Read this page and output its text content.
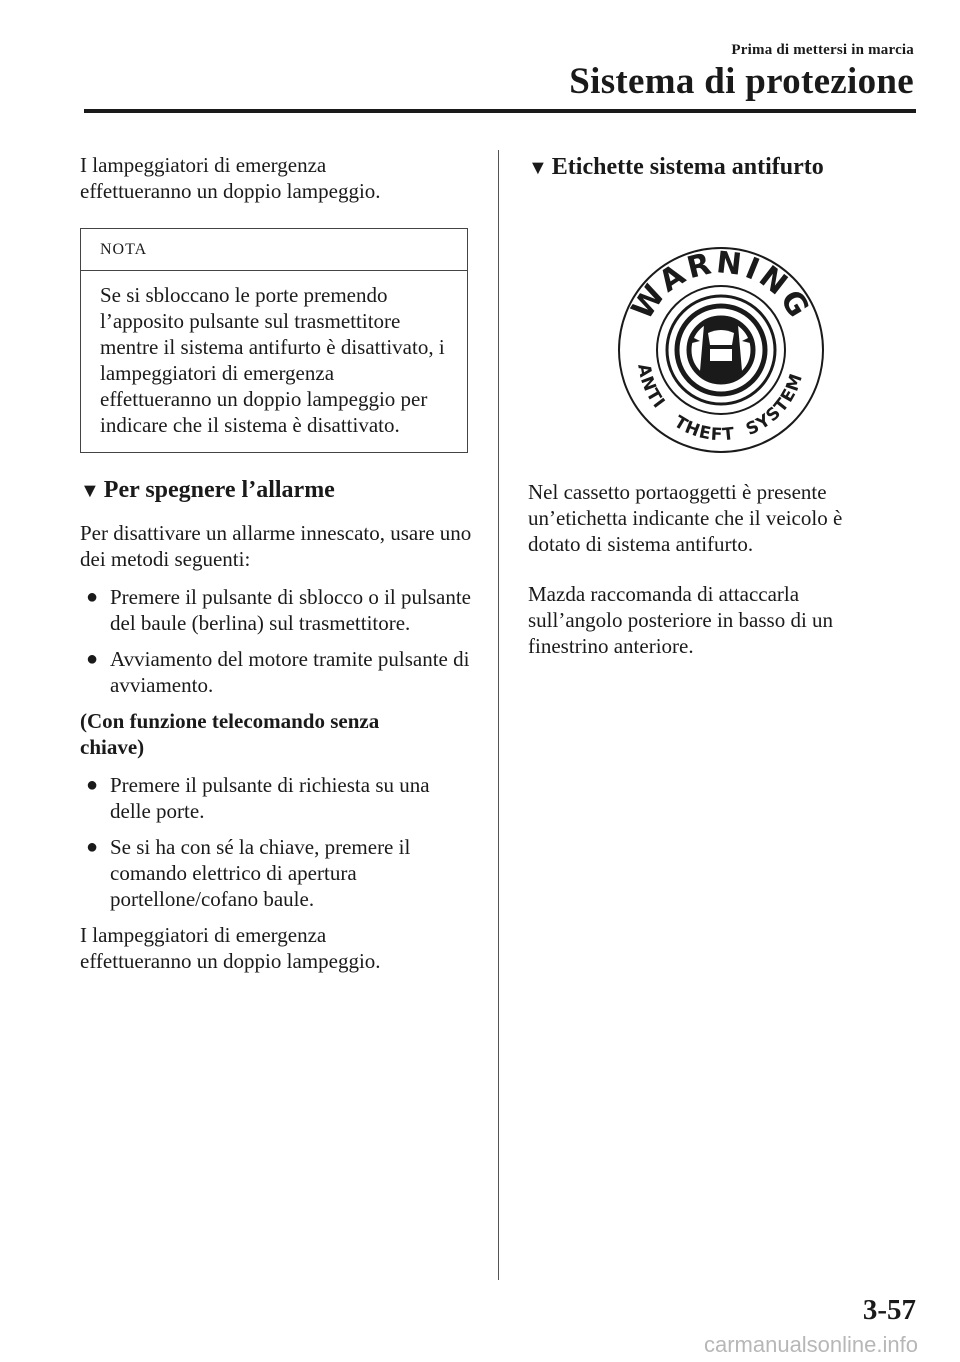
Prima di mettersi in marcia
Sistema di protezione

I lampeggiatori di emergenza effettueranno un doppio lampeggio.

NOTA
Se si sbloccano le porte premendo l’apposito pulsante sul trasmettitore mentre il sistema antifurto è disattivato, i lampeggiatori di emergenza effettueranno un doppio lampeggio per indicare che il sistema è disattivato.
▼ Per spegnere l’allarme

Per disattivare un allarme innescato, usare uno dei metodi seguenti:

● Premere il pulsante di sblocco o il pulsante del baule (berlina) sul trasmettitore.
● Avviamento del motore tramite pulsante di avviamento.

(Con funzione telecomando senza chiave)

● Premere il pulsante di richiesta su una delle porte.
● Se si ha con sé la chiave, premere il comando elettrico di apertura portellone/cofano baule.

I lampeggiatori di emergenza effettueranno un doppio lampeggio.

▼ Etichette sistema antifurto
WARNING
ANTITHEFT SYSTEM

Nel cassetto portaoggetti è presente un’etichetta indicante che il veicolo è dotato di sistema antifurto.

Mazda raccomanda di attaccarla sull’angolo posteriore in basso di un finestrino anteriore.

3-57
carmanualsonline.info
